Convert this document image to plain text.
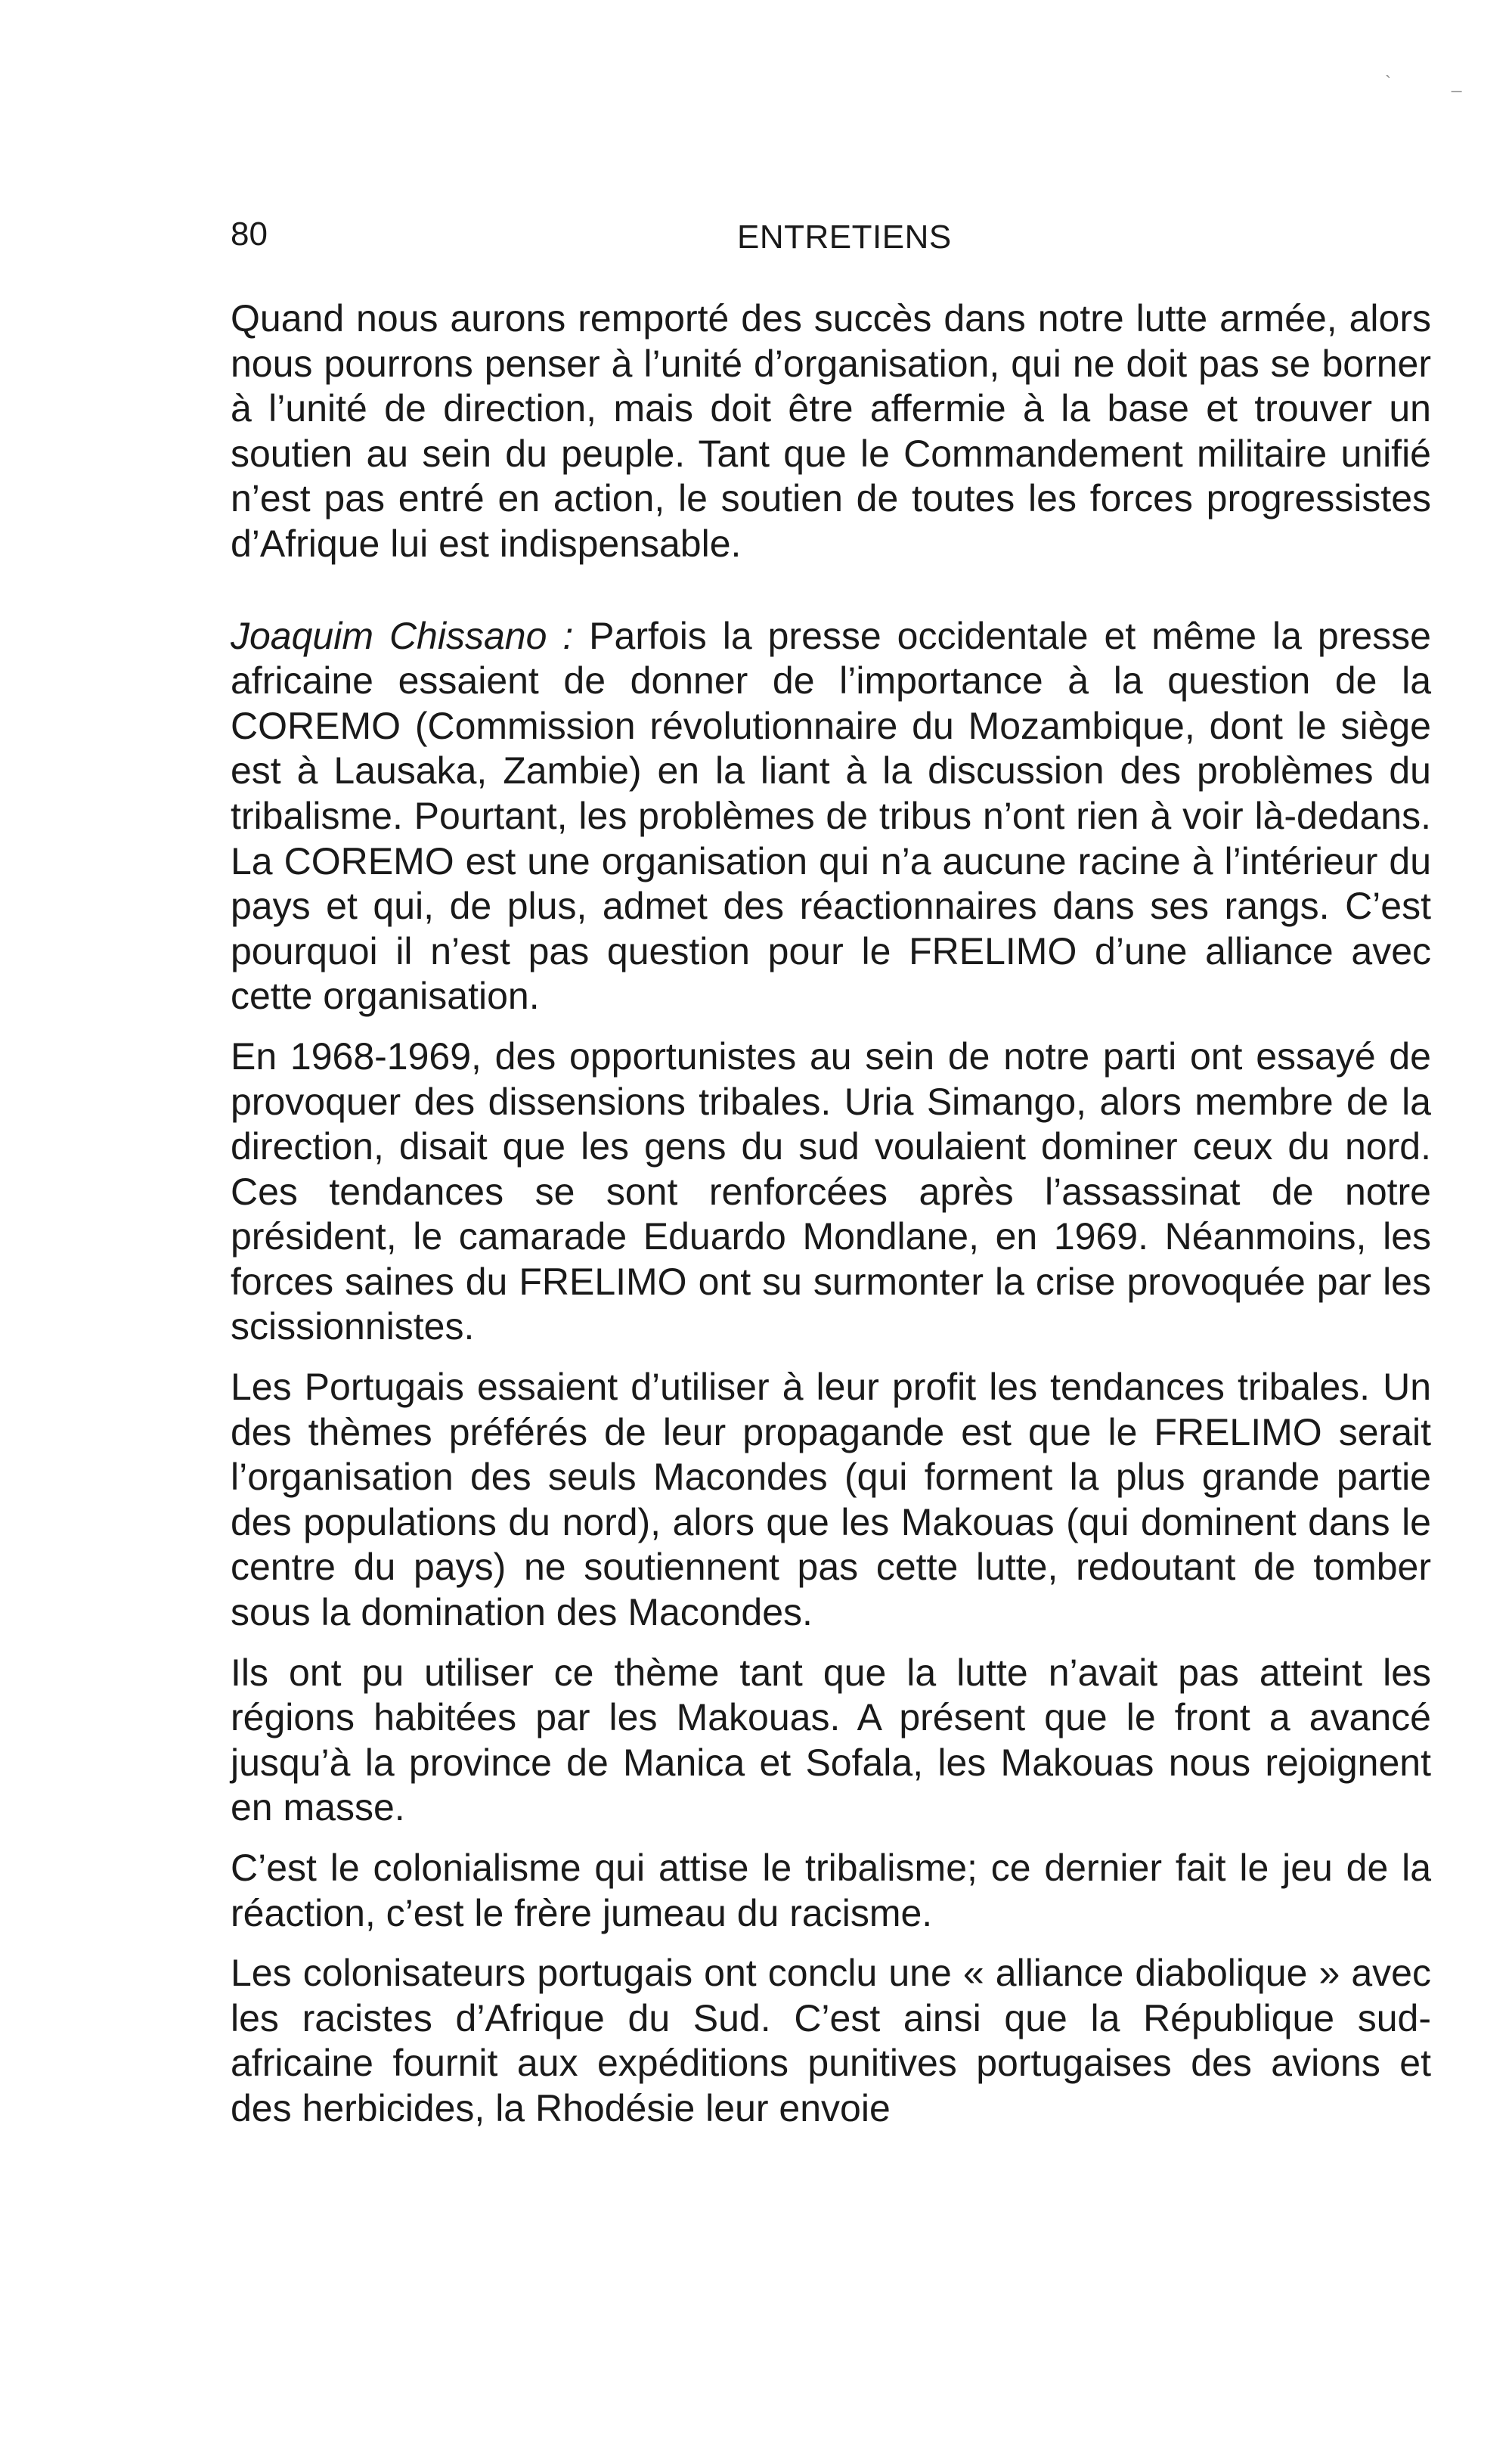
`	_

80	ENTRETIENS

Quand nous aurons remporté des succès dans notre lutte armée, alors nous pourrons penser à l’unité d’organisation, qui ne doit pas se borner à l’unité de direction, mais doit être affermie à la base et trouver un soutien au sein du peuple. Tant que le Commandement militaire unifié n’est pas entré en action, le soutien de toutes les forces progressistes d’Afrique lui est indispensable.

Joaquim Chissano : Parfois la presse occidentale et même la presse africaine essaient de donner de l’importance à la question de la COREMO (Commission révolutionnaire du Mozambique, dont le siège est à Lausaka, Zambie) en la liant à la discussion des problèmes du tribalisme. Pourtant, les problèmes de tribus n’ont rien à voir là-dedans. La COREMO est une organisation qui n’a aucune racine à l’intérieur du pays et qui, de plus, admet des réactionnaires dans ses rangs. C’est pourquoi il n’est pas question pour le FRELIMO d’une alliance avec cette organisation.

En 1968-1969, des opportunistes au sein de notre parti ont essayé de provoquer des dissensions tribales. Uria Simango, alors membre de la direction, disait que les gens du sud voulaient dominer ceux du nord. Ces tendances se sont renforcées après l’assassinat de notre président, le camarade Eduardo Mondlane, en 1969. Néanmoins, les forces saines du FRELIMO ont su surmonter la crise provoquée par les scissionnistes.

Les Portugais essaient d’utiliser à leur profit les tendances tribales. Un des thèmes préférés de leur propagande est que le FRELIMO serait l’organisation des seuls Macondes (qui forment la plus grande partie des populations du nord), alors que les Makouas (qui dominent dans le centre du pays) ne soutiennent pas cette lutte, redoutant de tomber sous la domination des Macondes.

Ils ont pu utiliser ce thème tant que la lutte n’avait pas atteint les régions habitées par les Makouas. A présent que le front a avancé jusqu’à la province de Manica et Sofala, les Makouas nous rejoignent en masse.

C’est le colonialisme qui attise le tribalisme; ce dernier fait le jeu de la réaction, c’est le frère jumeau du racisme.

Les colonisateurs portugais ont conclu une « alliance diabolique » avec les racistes d’Afrique du Sud. C’est ainsi que la République sud-africaine fournit aux expéditions punitives portugaises des avions et des herbicides, la Rhodésie leur envoie
